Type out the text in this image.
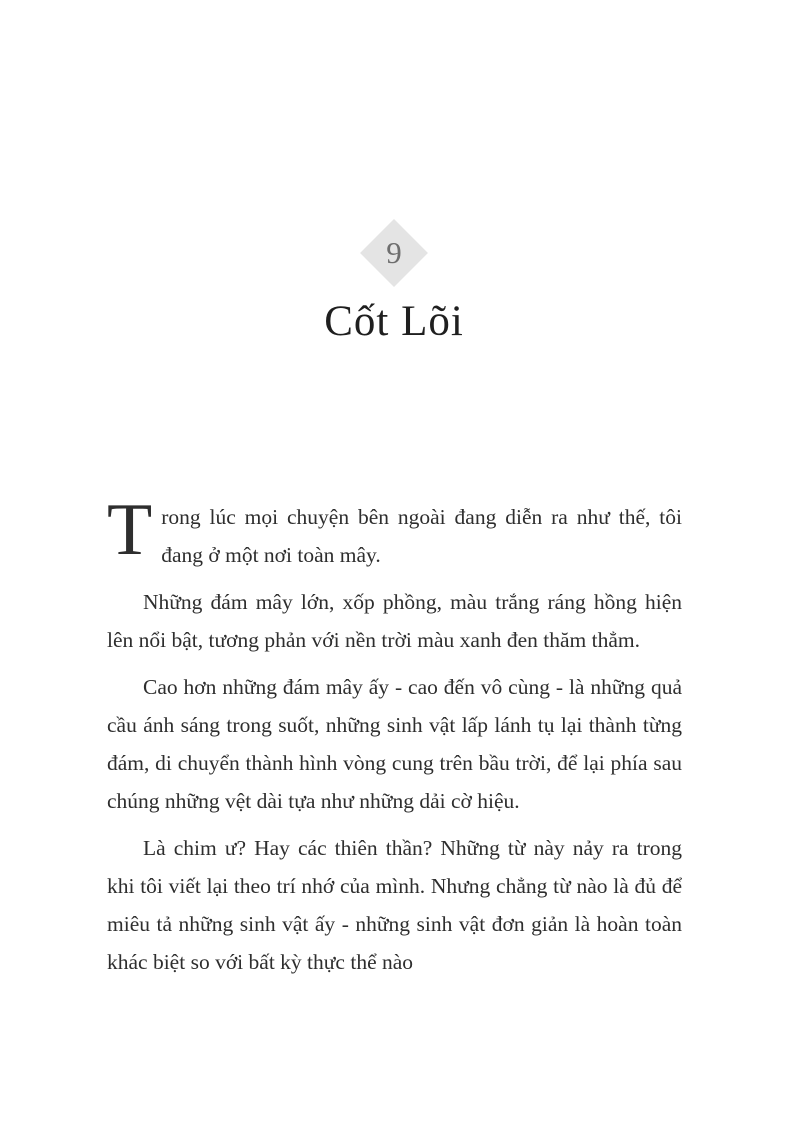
9
Cốt Lõi

Trong lúc mọi chuyện bên ngoài đang diễn ra như thế, tôi đang ở một nơi toàn mây.

Những đám mây lớn, xốp phồng, màu trắng ráng hồng hiện lên nổi bật, tương phản với nền trời màu xanh đen thăm thẳm.

Cao hơn những đám mây ấy - cao đến vô cùng - là những quả cầu ánh sáng trong suốt, những sinh vật lấp lánh tụ lại thành từng đám, di chuyển thành hình vòng cung trên bầu trời, để lại phía sau chúng những vệt dài tựa như những dải cờ hiệu.

Là chim ư? Hay các thiên thần? Những từ này nảy ra trong khi tôi viết lại theo trí nhớ của mình. Nhưng chẳng từ nào là đủ để miêu tả những sinh vật ấy - những sinh vật đơn giản là hoàn toàn khác biệt so với bất kỳ thực thể nào
